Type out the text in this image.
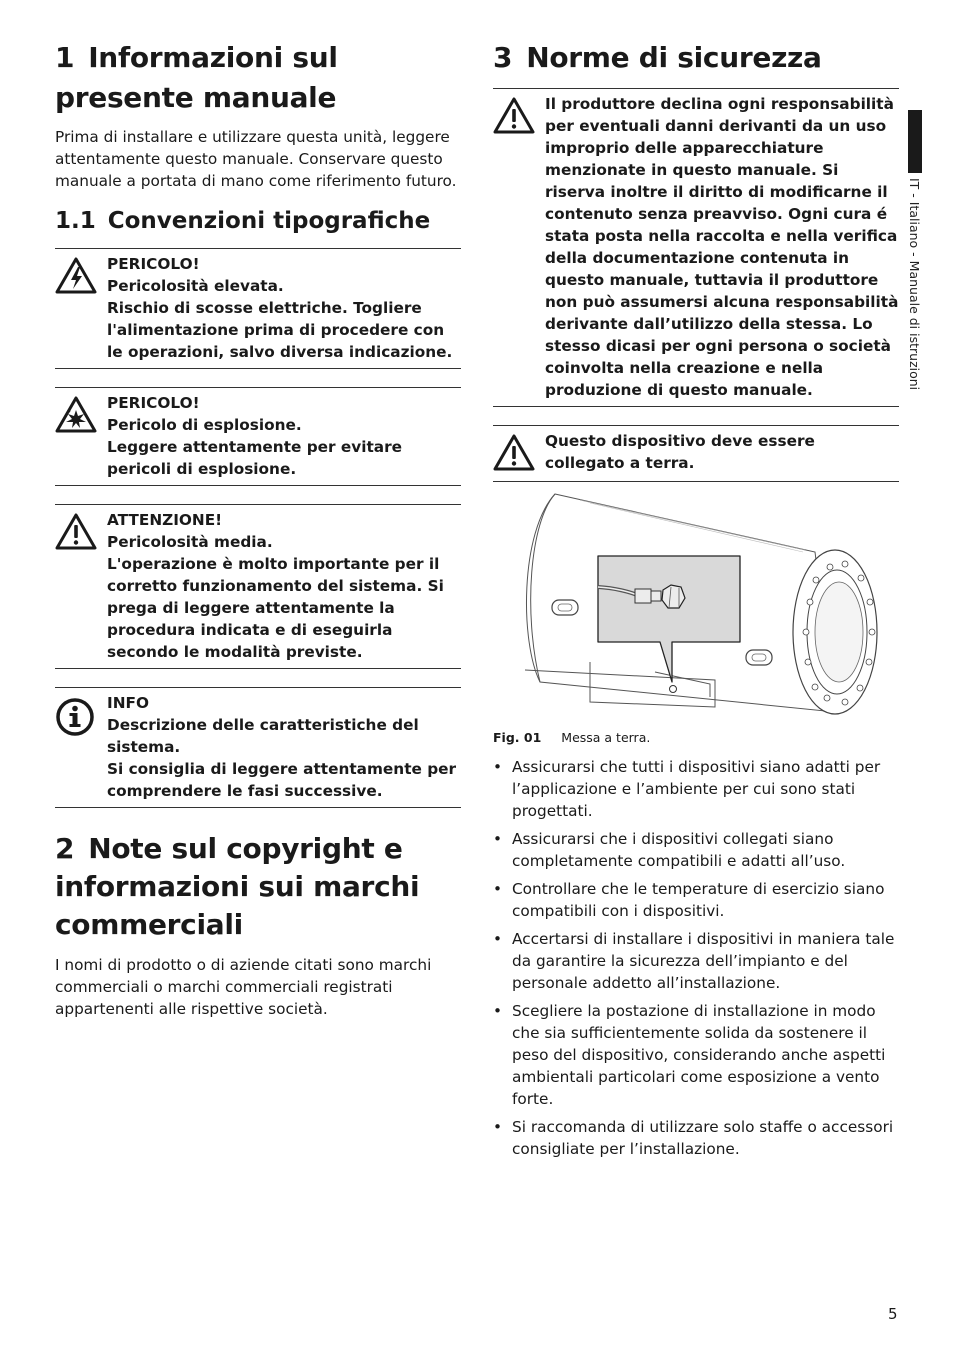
1 Informazioni sul presente manuale

Prima di installare e utilizzare questa unità, leggere attentamente questo manuale. Conservare questo manuale a portata di mano come riferimento futuro.

1.1 Convenzioni tipografiche
PERICOLO!
Pericolosità elevata.
Rischio di scosse elettriche. Togliere l'alimentazione prima di procedere con le operazioni, salvo diversa indicazione.
PERICOLO!
Pericolo di esplosione.
Leggere attentamente per evitare pericoli di esplosione.
ATTENZIONE!
Pericolosità media.
L'operazione è molto importante per il corretto funzionamento del sistema. Si prega di leggere attentamente la procedura indicata e di eseguirla secondo le modalità previste.
INFO
Descrizione delle caratteristiche del sistema.
Si consiglia di leggere attentamente per comprendere le fasi successive.
2 Note sul copyright e informazioni sui marchi commerciali

I nomi di prodotto o di aziende citati sono marchi commerciali o marchi commerciali registrati appartenenti alle rispettive società.

3 Norme di sicurezza
Il produttore declina ogni responsabilità per eventuali danni derivanti da un uso improprio delle apparecchiature menzionate in questo manuale. Si riserva inoltre il diritto di modificarne il contenuto senza preavviso. Ogni cura é stata posta nella raccolta e nella verifica della documentazione contenuta in questo manuale, tuttavia il produttore non può assumersi alcuna responsabilità derivante dall’utilizzo della stessa. Lo stesso dicasi per ogni persona o società coinvolta nella creazione e nella produzione di questo manuale.
Questo dispositivo deve essere collegato a terra.
• Assicurarsi che tutti i dispositivi siano adatti per l’applicazione e l’ambiente per cui sono stati progettati.
• Assicurarsi che i dispositivi collegati siano completamente compatibili e adatti all’uso.
• Controllare che le temperature di esercizio siano compatibili con i dispositivi.
• Accertarsi di installare i dispositivi in maniera tale da garantire la sicurezza dell’impianto e del personale addetto all’installazione.
• Scegliere la postazione di installazione in modo che sia sufficientemente solida da sostenere il peso del dispositivo, considerando anche aspetti ambientali particolari come esposizione a vento forte.
• Si raccomanda di utilizzare solo staffe o accessori consigliate per l’installazione.
Fig. 01 Messa a terra.
IT - Italiano - Manuale di istruzioni
5
